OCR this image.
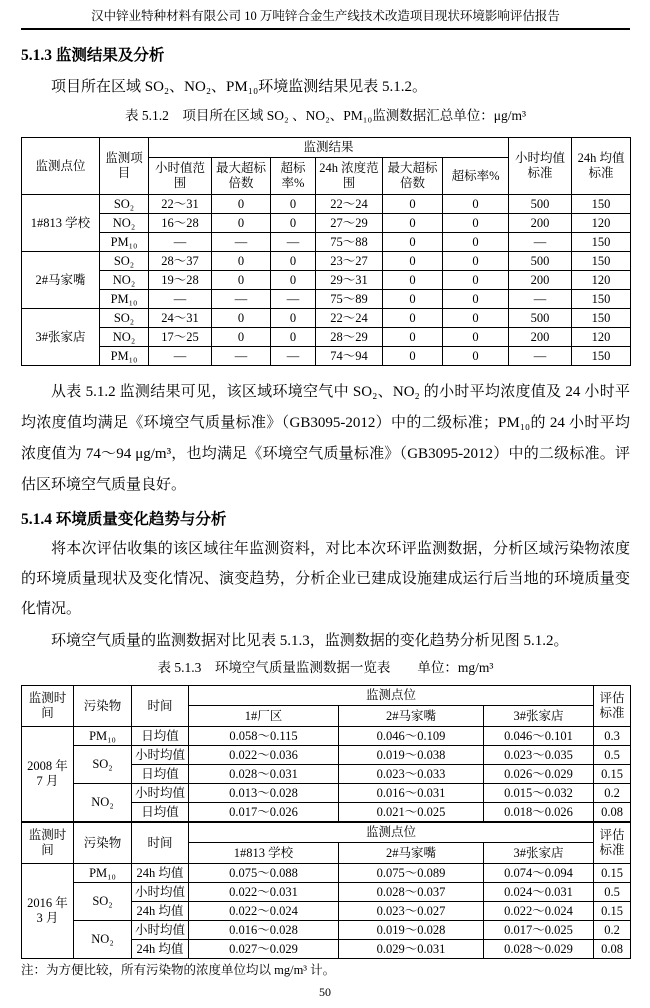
汉中锌业特种材料有限公司 10 万吨锌合金生产线技术改造项目现状环境影响评估报告
5.1.3 监测结果及分析

项目所在区域 SO₂、NO₂、PM₁₀环境监测结果见表 5.1.2。

表 5.1.2　项目所在区域 SO₂ 、NO₂、PM₁₀监测数据汇总单位：μg/m³

监测点位	监测项目	监测结果						小时均值标准	24h 均值标准
		小时值范围	最大超标倍数	超标率%	24h 浓度范围	最大超标倍数	超标率%		
1#813 学校	SO₂	22～31	0	0	22～24	0	0	500	150
	NO₂	16～28	0	0	27～29	0	0	200	120
	PM₁₀	—	—	—	75～88	0	0	—	150
2#马家嘴	SO₂	28～37	0	0	23～27	0	0	500	150
	NO₂	19～28	0	0	29～31	0	0	200	120
	PM₁₀	—	—	—	75～89	0	0	—	150
3#张家店	SO₂	24～31	0	0	22～24	0	0	500	150
	NO₂	17～25	0	0	28～29	0	0	200	120
	PM₁₀	—	—	—	74～94	0	0	—	150

从表 5.1.2 监测结果可见，该区域环境空气中 SO₂、NO₂ 的小时平均浓度值及 24 小时平均浓度值均满足《环境空气质量标准》（GB3095-2012）中的二级标准；PM₁₀的 24 小时平均浓度值为 74～94 μg/m³，也均满足《环境空气质量标准》（GB3095-2012）中的二级标准。评估区环境空气质量良好。

5.1.4 环境质量变化趋势与分析

将本次评估收集的该区域往年监测资料，对比本次环评监测数据，分析区域污染物浓度的环境质量现状及变化情况、演变趋势，分析企业已建成设施建成运行后当地的环境质量变化情况。

环境空气质量的监测数据对比见表 5.1.3，监测数据的变化趋势分析见图 5.1.2。

表 5.1.3　环境空气质量监测数据一览表　　单位：mg/m³

监测时间	污染物	时间	监测点位			评估标准
			1#厂区	2#马家嘴	3#张家店	
2008 年 7 月	PM₁₀	日均值	0.058～0.115	0.046～0.109	0.046～0.101	0.3
	SO₂	小时均值	0.022～0.036	0.019～0.038	0.023～0.035	0.5
		日均值	0.028～0.031	0.023～0.033	0.026～0.029	0.15
	NO₂	小时均值	0.013～0.028	0.016～0.031	0.015～0.032	0.2
		日均值	0.017～0.026	0.021～0.025	0.018～0.026	0.08
监测时间	污染物	时间	监测点位			评估标准
			1#813 学校	2#马家嘴	3#张家店	
2016 年 3 月	PM₁₀	24h 均值	0.075～0.088	0.075～0.089	0.074～0.094	0.15
	SO₂	小时均值	0.022～0.031	0.028～0.037	0.024～0.031	0.5
		24h 均值	0.022～0.024	0.023～0.027	0.022～0.024	0.15
	NO₂	小时均值	0.016～0.028	0.019～0.028	0.017～0.025	0.2
		24h 均值	0.027～0.029	0.029～0.031	0.028～0.029	0.08

注：为方便比较，所有污染物的浓度单位均以 mg/m³ 计。

50
